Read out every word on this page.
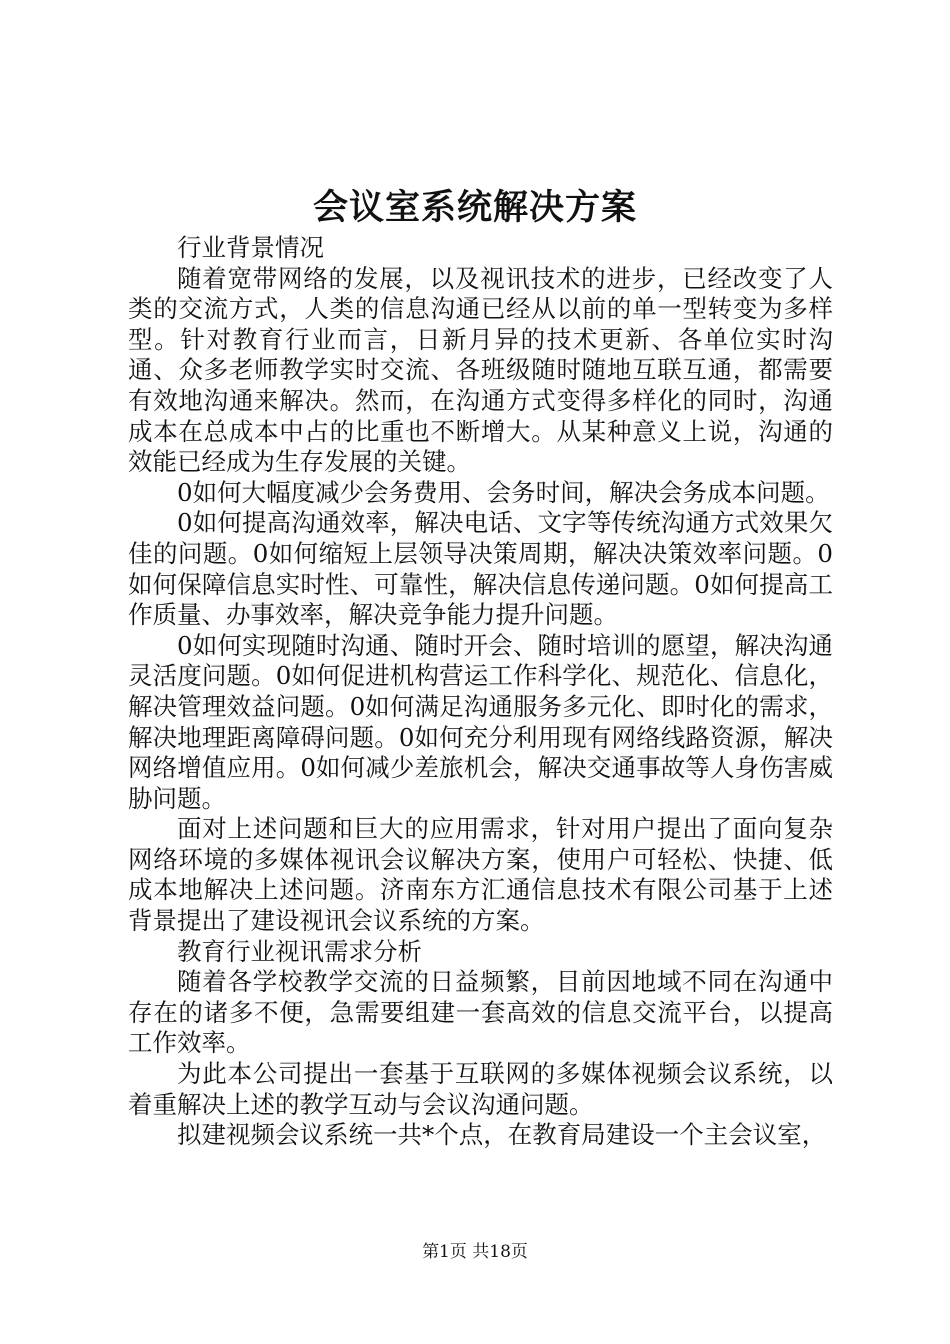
会议室系统解决方案

行业背景情况

随着宽带网络的发展，以及视讯技术的进步，已经改变了人类的交流方式，人类的信息沟通已经从以前的单一型转变为多样型。针对教育行业而言，日新月异的技术更新、各单位实时沟通、众多老师教学实时交流、各班级随时随地互联互通，都需要有效地沟通来解决。然而，在沟通方式变得多样化的同时，沟通成本在总成本中占的比重也不断增大。从某种意义上说，沟通的效能已经成为生存发展的关键。

0如何大幅度减少会务费用、会务时间，解决会务成本问题。

0如何提高沟通效率，解决电话、文字等传统沟通方式效果欠佳的问题。0如何缩短上层领导决策周期，解决决策效率问题。0如何保障信息实时性、可靠性，解决信息传递问题。0如何提高工作质量、办事效率，解决竞争能力提升问题。

0如何实现随时沟通、随时开会、随时培训的愿望，解决沟通灵活度问题。0如何促进机构营运工作科学化、规范化、信息化，解决管理效益问题。0如何满足沟通服务多元化、即时化的需求，解决地理距离障碍问题。0如何充分利用现有网络线路资源，解决网络增值应用。0如何减少差旅机会，解决交通事故等人身伤害威胁问题。

面对上述问题和巨大的应用需求，针对用户提出了面向复杂网络环境的多媒体视讯会议解决方案，使用户可轻松、快捷、低成本地解决上述问题。济南东方汇通信息技术有限公司基于上述背景提出了建设视讯会议系统的方案。

教育行业视讯需求分析

随着各学校教学交流的日益频繁，目前因地域不同在沟通中存在的诸多不便，急需要组建一套高效的信息交流平台，以提高工作效率。

为此本公司提出一套基于互联网的多媒体视频会议系统，以着重解决上述的教学互动与会议沟通问题。

拟建视频会议系统一共*个点，在教育局建设一个主会议室，

第1页 共18页
